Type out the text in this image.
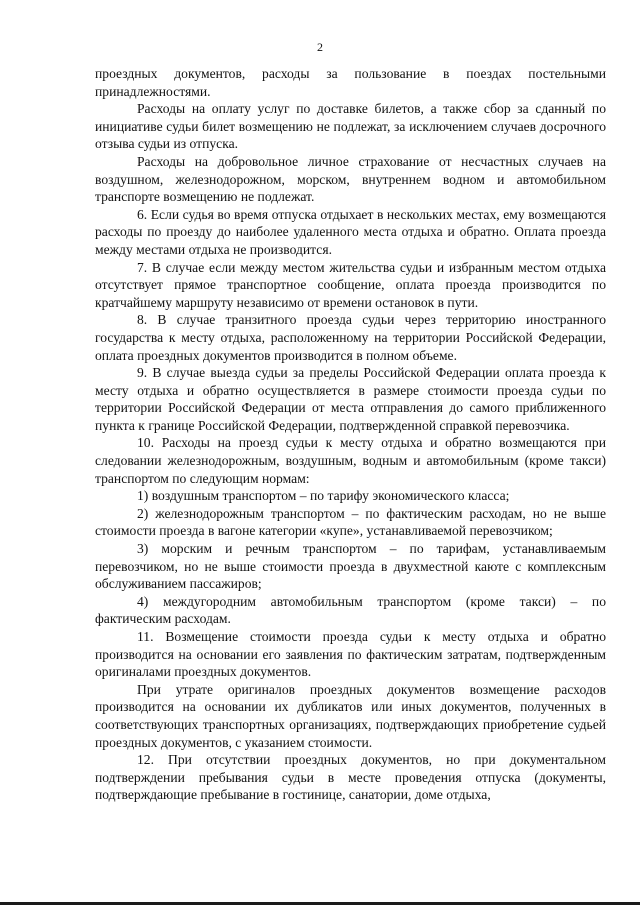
2

проездных документов, расходы за пользование в поездах постельными принадлежностями.

Расходы на оплату услуг по доставке билетов, а также сбор за сданный по инициативе судьи билет возмещению не подлежат, за исключением случаев досрочного отзыва судьи из отпуска.

Расходы на добровольное личное страхование от несчастных случаев на воздушном, железнодорожном, морском, внутреннем водном и автомобильном транспорте возмещению не подлежат.

6. Если судья во время отпуска отдыхает в нескольких местах, ему возмещаются расходы по проезду до наиболее удаленного места отдыха и обратно. Оплата проезда между местами отдыха не производится.

7. В случае если между местом жительства судьи и избранным местом отдыха отсутствует прямое транспортное сообщение, оплата проезда производится по кратчайшему маршруту независимо от времени остановок в пути.

8. В случае транзитного проезда судьи через территорию иностранного государства к месту отдыха, расположенному на территории Российской Федерации, оплата проездных документов производится в полном объеме.

9. В случае выезда судьи за пределы Российской Федерации оплата проезда к месту отдыха и обратно осуществляется в размере стоимости проезда судьи по территории Российской Федерации от места отправления до самого приближенного пункта к границе Российской Федерации, подтвержденной справкой перевозчика.

10. Расходы на проезд судьи к месту отдыха и обратно возмещаются при следовании железнодорожным, воздушным, водным и автомобильным (кроме такси) транспортом по следующим нормам:

1) воздушным транспортом – по тарифу экономического класса;

2) железнодорожным транспортом – по фактическим расходам, но не выше стоимости проезда в вагоне категории «купе», устанавливаемой перевозчиком;

3) морским и речным транспортом – по тарифам, устанавливаемым перевозчиком, но не выше стоимости проезда в двухместной каюте с комплексным обслуживанием пассажиров;

4) междугородним автомобильным транспортом (кроме такси) – по фактическим расходам.

11. Возмещение стоимости проезда судьи к месту отдыха и обратно производится на основании его заявления по фактическим затратам, подтвержденным оригиналами проездных документов.

При утрате оригиналов проездных документов возмещение расходов производится на основании их дубликатов или иных документов, полученных в соответствующих транспортных организациях, подтверждающих приобретение судьей проездных документов, с указанием стоимости.

12. При отсутствии проездных документов, но при документальном подтверждении пребывания судьи в месте проведения отпуска (документы, подтверждающие пребывание в гостинице, санатории, доме отдыха,
